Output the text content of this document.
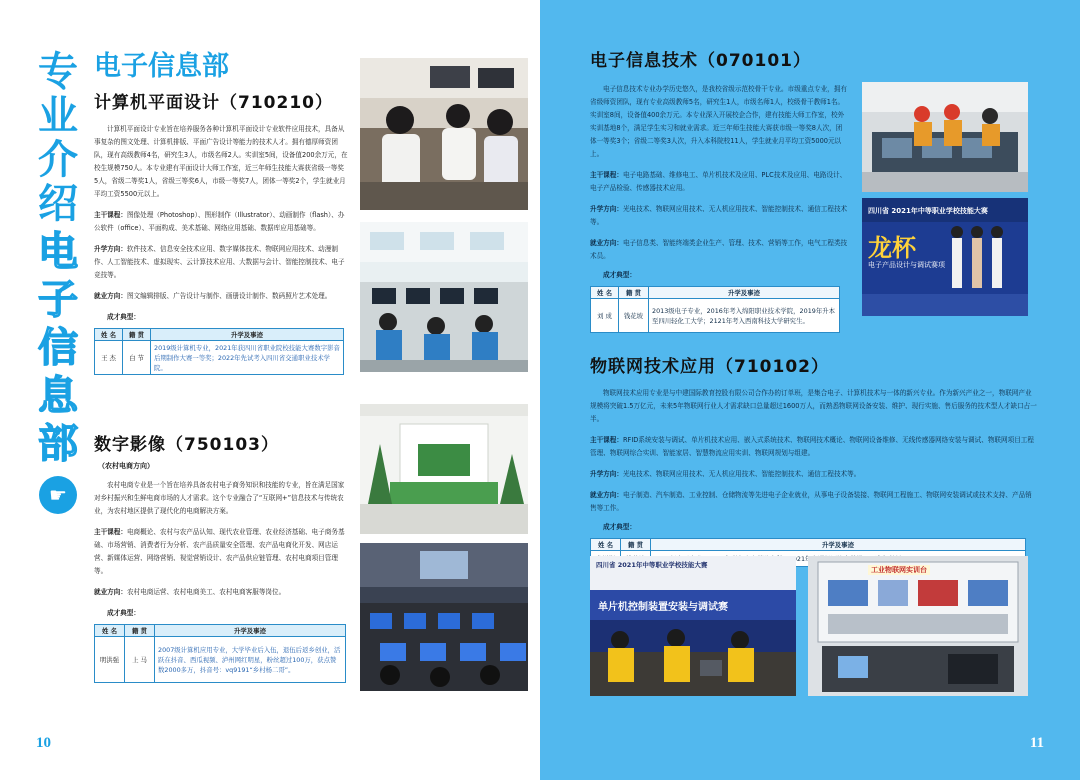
专
业
介
绍
电
子
信
息
部
☛
电子信息部
计算机平面设计（710210）

计算机平面设计专业旨在培养服务各种计算机平面设计专业软件应用技术，具备从事复杂的图文处理、计算机排版、平面广告设计等能力的技术人才。拥有德厚师资团队，现有高级教师4名，研究生3人，市级名师2人。实训室5间，设备值200余万元，在校生规模750人。本专业建有平面设计大师工作室，近三年师生技能大赛获省级一等奖5人，省级二等奖1人，省级三等奖6人，市级一等奖7人，团体一等奖2个，学生就业月平均工资5500元以上。

主干课程：图像处理（Photoshop）、图形制作（Illustrator）、动画制作（flash）、办公软件（office）、平面构成、美术基础、网络应用基础、数据库应用基础等。

升学方向：软件技术、信息安全技术应用、数字媒体技术、物联网应用技术、动漫制作、人工智能技术、虚拟现实、云计算技术应用、大数据与会计、智能控制技术、电子竞技等。

就业方向：图文编辑排版、广告设计与制作、画册设计制作、数码照片艺术处理。

成才典型：

姓 名	籍 贯	升学及事迹
王 杰	白 节	2019级计算机专业，2021年获四川省职业院校技能大赛数字影音后期制作大赛一等奖；2022年先试考入四川省交通职业技术学院。
数字影像（750103）
（农村电商方向）

农村电商专业是一个旨在培养具备农村电子商务知识和技能的专业，旨在满足国家对乡村振兴和生鲜电商市场的人才需求。这个专业融合了“互联网+”信息技术与传统农业，为农村地区提供了现代化的电商解决方案。

主干课程：电商概论、农村与农产品认知、现代农业管理、农业经济基础、电子商务基础、市场营销、消费者行为分析、农产品质量安全管理、农产品电商化开发、网店运营、新媒体运营、网络营销、视觉营销设计、农产品供应链管理、农村电商项目管理等。

就业方向：农村电商运营、农村电商美工、农村电商客服等岗位。

成才典型：

姓 名	籍 贯	升学及事迹
明洪强	上 马	2007级计算机应用专业，大学毕业后入伍，退伍后返乡创业，活跃在抖音、西瓜视频、泸州网红明星，粉丝超过100万，获点赞数2000多万，抖音号：vq9191“乡村杨二哥”。
10
电子信息技术（070101）

电子信息技术专业办学历史悠久，是我校省级示范校骨干专业。市级重点专业，拥有省级师资团队，现有专业高级教师5名，研究生1人，市级名师1人，校级骨干教师1名。实训室8间，设备值400余万元。本专业深入开展校企合作，建有技能大师工作室，校外实训基地8个，满足学生实习和就业需求。近三年师生技能大赛获市级一等奖8人次，团体一等奖3个；省级二等奖3人次，升入本科院校11人，学生就业月平均工资5000元以上。

主干课程：电子电路基础、维修电工、单片机技术及应用、PLC技术及应用、电路设计、电子产品检验、传感器技术应用。

升学方向：光电技术、物联网应用技术、无人机应用技术、智能控制技术、通信工程技术等。

就业方向：电子信息类、智能终端类企业生产、管理、技术、营销等工作，电气工程类技术员。

成才典型：

姓 名	籍 贯	升学及事迹
刘 成	钱花坡	2013级电子专业，2016年考入绵阳职业技术学院，2019年升本至四川轻化工大学；2121年考入西南科技大学研究生。
四川省 2021年中等职业学校技能大赛
龙杯
电子产品设计与调试赛项
物联网技术应用（710102）

物联网技术应用专业是与中建国际教育控股有限公司合作办的订单班，是集合电子、计算机技术与一体的新兴专业。作为新兴产业之一，物联网产业规模将突破1.5万亿元，未来5年物联网行业人才需求缺口总量超过1600万人，而熟悉物联网设备安装、维护、现行实施、售后服务的技术型人才缺口占一半。

主干课程：RFID系统安装与调试、单片机技术应用、嵌入式系统技术、物联网技术概论、物联网设备维修、无线传感器网络安装与调试、物联网项目工程管理、物联网综合实训、智能家居、智慧物流应用实训、物联网规划与组建。

升学方向：光电技术、物联网应用技术、无人机应用技术、智能控制技术、通信工程技术等。

就业方向：电子制造、汽车制造、工业控制、仓储物流等先进电子企业就业，从事电子设备装接、物联网工程施工、物联网安装调试或技术支持、产品销售等工作。

成才典型：

姓 名	籍 贯	升学及事迹

四川省 2021年中等职业学校技能大赛
单片机控制装置安装与调试赛
工业物联网实训台
11
